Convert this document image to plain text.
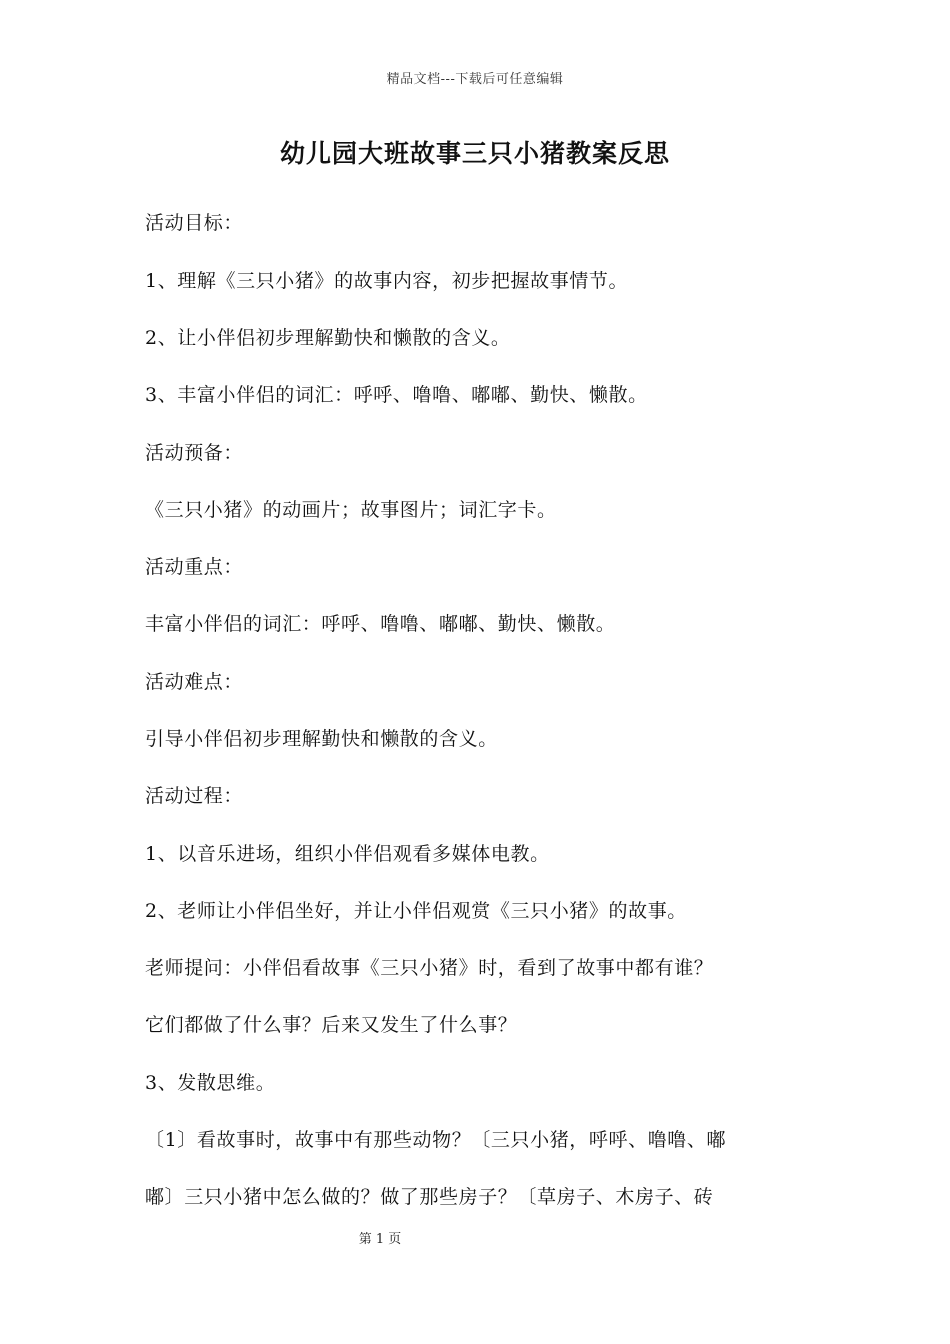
精品文档---下载后可任意编辑
幼儿园大班故事三只小猪教案反思
活动目标：
1、理解《三只小猪》的故事内容，初步把握故事情节。
2、让小伴侣初步理解勤快和懒散的含义。
3、丰富小伴侣的词汇：呼呼、噜噜、嘟嘟、勤快、懒散。
活动预备：
《三只小猪》的动画片；故事图片；词汇字卡。
活动重点：
丰富小伴侣的词汇：呼呼、噜噜、嘟嘟、勤快、懒散。
活动难点：
引导小伴侣初步理解勤快和懒散的含义。
活动过程：
1、以音乐进场，组织小伴侣观看多媒体电教。
2、老师让小伴侣坐好，并让小伴侣观赏《三只小猪》的故事。
老师提问：小伴侣看故事《三只小猪》时，看到了故事中都有谁？
它们都做了什么事？后来又发生了什么事？
3、发散思维。
〔1〕看故事时，故事中有那些动物？〔三只小猪，呼呼、噜噜、嘟
嘟〕三只小猪中怎么做的？做了那些房子？〔草房子、木房子、砖
第 1 页
